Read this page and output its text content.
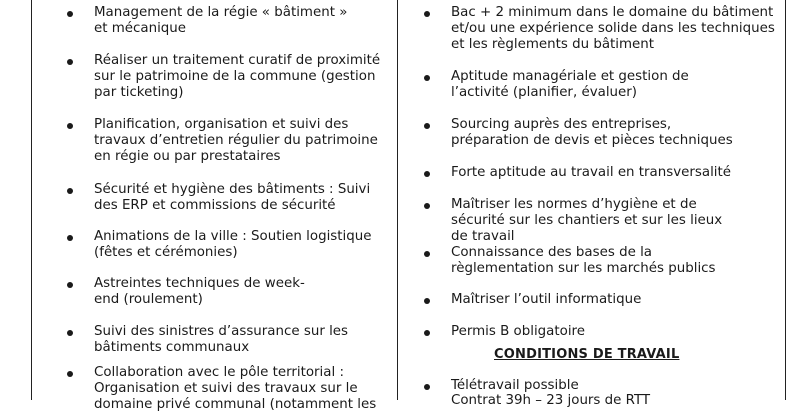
Management de la régie « bâtiment » et mécanique
Réaliser un traitement curatif de proximité sur le patrimoine de la commune (gestion par ticketing)
Planification, organisation et suivi des travaux d’entretien régulier du patrimoine en régie ou par prestataires
Sécurité et hygiène des bâtiments : Suivi des ERP et commissions de sécurité
Animations de la ville : Soutien logistique (fêtes et cérémonies)
Astreintes techniques de week-end (roulement)
Suivi des sinistres d’assurance sur les bâtiments communaux
Collaboration avec le pôle territorial : Organisation et suivi des travaux sur le domaine privé communal (notamment les
Bac + 2 minimum dans le domaine du bâtiment et/ou une expérience solide dans les techniques et les règlements du bâtiment
Aptitude managériale et gestion de l’activité (planifier, évaluer)
Sourcing auprès des entreprises, préparation de devis et pièces techniques
Forte aptitude au travail en transversalité
Maîtriser les normes d’hygiène et de sécurité sur les chantiers et sur les lieux de travail
Connaissance des bases de la règlementation sur les marchés publics
Maîtriser l’outil informatique
Permis B obligatoire
CONDITIONS DE TRAVAIL
Télétravail possible
Contrat 39h – 23 jours de RTT
